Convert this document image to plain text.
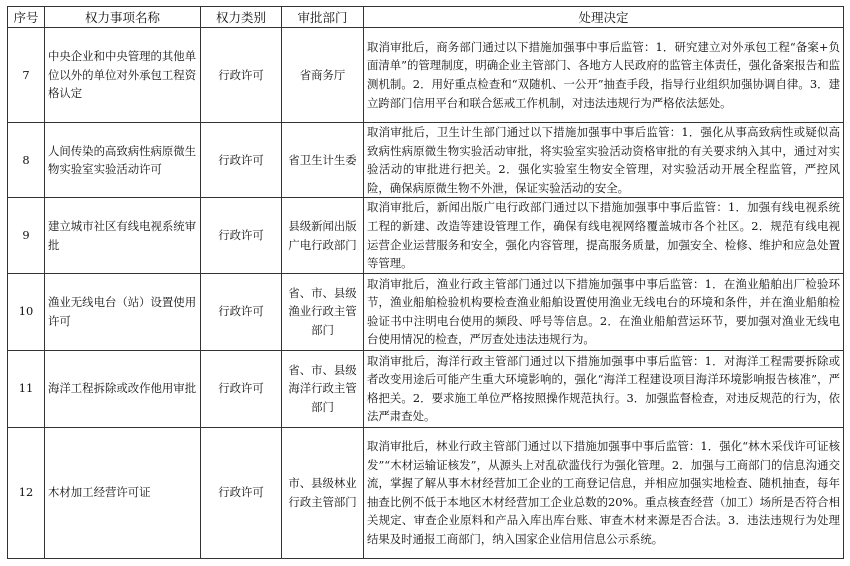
序号	权力事项名称	权力类别	审批部门	处理决定
7	中央企业和中央管理的其他单位以外的单位对外承包工程资格认定	行政许可	省商务厅	取消审批后，商务部门通过以下措施加强事中事后监管：1．研究建立对外承包工程“备案+负面清单”的管理制度，明确企业主管部门、各地方人民政府的监管主体责任，强化备案报告和监测机制。2．用好重点检查和“双随机、一公开”抽查手段，指导行业组织加强协调自律。3．建立跨部门信用平台和联合惩戒工作机制，对违法违规行为严格依法惩处。
8	人间传染的高致病性病原微生物实验室实验活动许可	行政许可	省卫生计生委	取消审批后，卫生计生部门通过以下措施加强事中事后监管：1．强化从事高致病性或疑似高致病性病原微生物实验活动审批，将实验室实验活动资格审批的有关要求纳入其中，通过对实验活动的审批进行把关。2．强化实验室生物安全管理，对实验活动开展全程监管，严控风险，确保病原微生物不外泄，保证实验活动的安全。
9	建立城市社区有线电视系统审批	行政许可	县级新闻出版广电行政部门	取消审批后，新闻出版广电行政部门通过以下措施加强事中事后监管：1．加强有线电视系统工程的新建、改造等建设管理工作，确保有线电视网络覆盖城市各个社区。2．规范有线电视运营企业运营服务和安全，强化内容管理，提高服务质量，加强安全、检修、维护和应急处置等管理。
10	渔业无线电台（站）设置使用许可	行政许可	省、市、县级渔业行政主管部门	取消审批后，渔业行政主管部门通过以下措施加强事中事后监管：1．在渔业船舶出厂检验环节，渔业船舶检验机构要检查渔业船舶设置使用渔业无线电台的环境和条件，并在渔业船舶检验证书中注明电台使用的频段、呼号等信息。2．在渔业船舶营运环节，要加强对渔业无线电台使用情况的检查，严厉查处违法违规行为。
11	海洋工程拆除或改作他用审批	行政许可	省、市、县级海洋行政主管部门	取消审批后，海洋行政主管部门通过以下措施加强事中事后监管：1．对海洋工程需要拆除或者改变用途后可能产生重大环境影响的，强化“海洋工程建设项目海洋环境影响报告核准”，严格把关。2．要求施工单位严格按照操作规范执行。3．加强监督检查，对违反规范的行为，依法严肃查处。
12	木材加工经营许可证	行政许可	市、县级林业行政主管部门	取消审批后，林业行政主管部门通过以下措施加强事中事后监管：1．强化“林木采伐许可证核发”“木材运输证核发”，从源头上对乱砍滥伐行为强化管理。2．加强与工商部门的信息沟通交流，掌握了解从事木材经营加工企业的工商登记信息，并相应加强实地检查、随机抽查，每年抽查比例不低于本地区木材经营加工企业总数的20%。重点核查经营（加工）场所是否符合相关规定、审查企业原料和产品入库出库台账、审查木材来源是否合法。3．违法违规行为处理结果及时通报工商部门，纳入国家企业信用信息公示系统。
